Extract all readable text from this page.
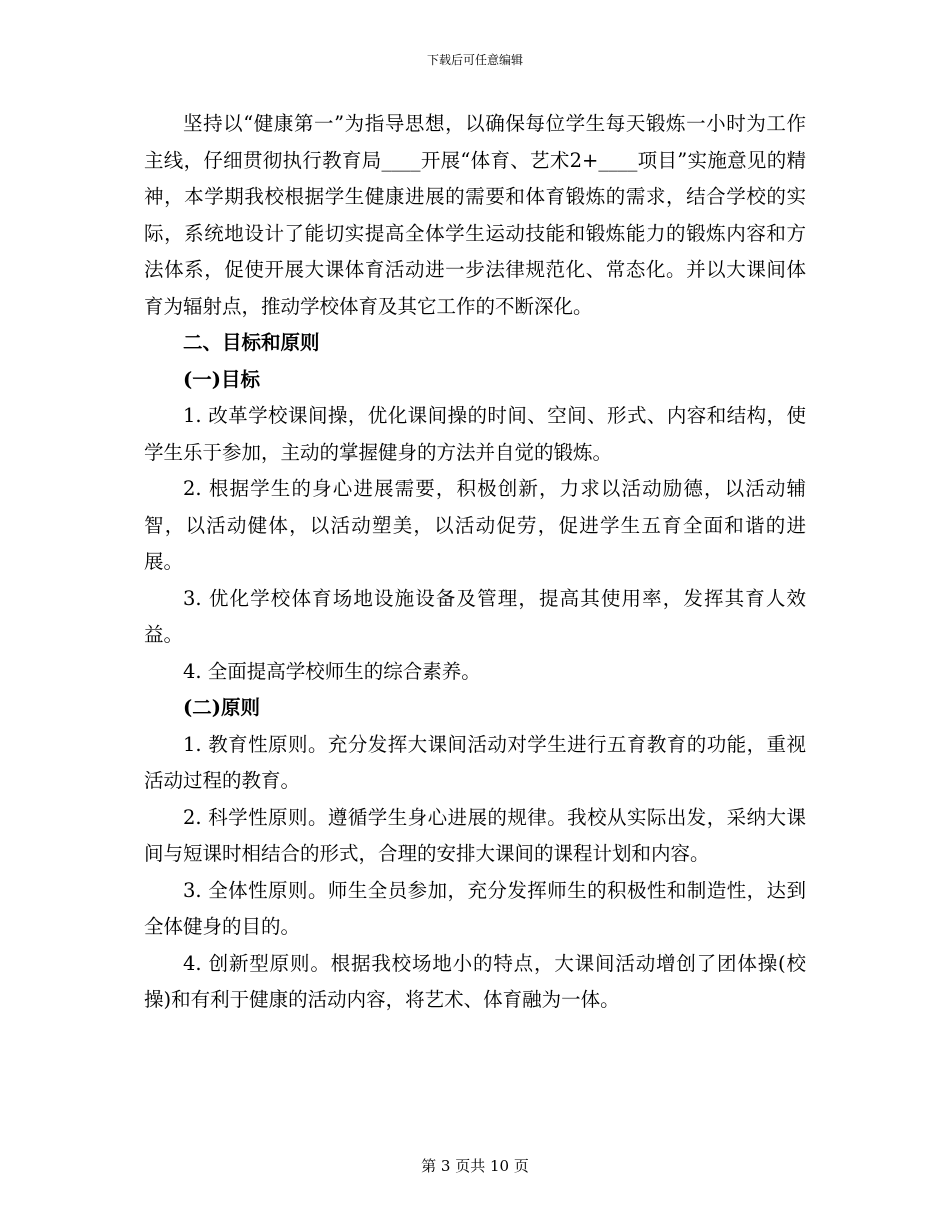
下载后可任意编辑

坚持以“健康第一”为指导思想，以确保每位学生每天锻炼一小时为工作主线，仔细贯彻执行教育局____开展“体育、艺术2+____项目”实施意见的精神，本学期我校根据学生健康进展的需要和体育锻炼的需求，结合学校的实际，系统地设计了能切实提高全体学生运动技能和锻炼能力的锻炼内容和方法体系，促使开展大课体育活动进一步法律规范化、常态化。并以大课间体育为辐射点，推动学校体育及其它工作的不断深化。

二、目标和原则
(一)目标

1. 改革学校课间操，优化课间操的时间、空间、形式、内容和结构，使学生乐于参加，主动的掌握健身的方法并自觉的锻炼。

2. 根据学生的身心进展需要，积极创新，力求以活动励德，以活动辅智，以活动健体，以活动塑美，以活动促劳，促进学生五育全面和谐的进展。

3. 优化学校体育场地设施设备及管理，提高其使用率，发挥其育人效益。

4. 全面提高学校师生的综合素养。

(二)原则

1. 教育性原则。充分发挥大课间活动对学生进行五育教育的功能，重视活动过程的教育。

2. 科学性原则。遵循学生身心进展的规律。我校从实际出发，采纳大课间与短课时相结合的形式，合理的安排大课间的课程计划和内容。

3. 全体性原则。师生全员参加，充分发挥师生的积极性和制造性，达到全体健身的目的。

4. 创新型原则。根据我校场地小的特点，大课间活动增创了团体操(校操)和有利于健康的活动内容，将艺术、体育融为一体。

第 3 页共 10 页
